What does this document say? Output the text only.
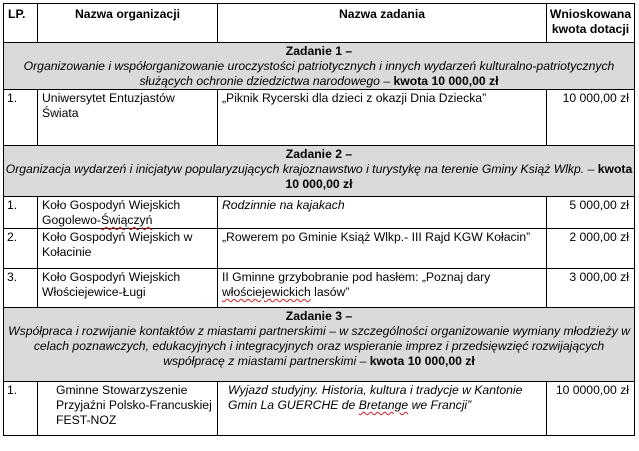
LP.	Nazwa organizacji	Nazwa zadania	Wnioskowana
kwota dotacji

Zadanie 1 –
Organizowanie i współorganizowanie uroczystości patriotycznych i innych wydarzeń kulturalno-patriotycznych służących ochronie dziedzictwa narodowego – kwota 10 000,00 zł			

1.	Uniwersytet Entuzjastów Świata	„Piknik Rycerski dla dzieci z okazji Dnia Dziecka”	10 000,00 zł

Zadanie 2 –
Organizacja wydarzeń i inicjatyw popularyzujących krajoznawstwo i turystykę na terenie Gminy Książ Wlkp. – kwota 10 000,00 zł			

1.	Koło Gospodyń Wiejskich Gogolewo-Świączyń	Rodzinnie na kajakach	5 000,00 zł

2.	Koło Gospodyń Wiejskich w Kołacinie	„Rowerem po Gminie Książ Wlkp.- III Rajd KGW Kołacin”	2 000,00 zł

3.	Koło Gospodyń Wiejskich Włościejewice-Ługi	II Gminne grzybobranie pod hasłem: „Poznaj dary włościejewickich lasów”	3 000,00 zł

Zadanie 3 –
Współpraca i rozwijanie kontaktów z miastami partnerskimi – w szczególności organizowanie wymiany młodzieży w celach poznawczych, edukacyjnych i integracyjnych oraz wspieranie imprez i przedsięwzięć rozwijających współpracę z miastami partnerskimi – kwota 10 000,00 zł			

1.	Gminne Stowarzyszenie Przyjaźni Polsko-Francuskiej FEST-NOZ	Wyjazd studyjny. Historia, kultura i tradycje w Kantonie Gmin La GUERCHE de Bretange we Francji”	10 0000,00 zł
